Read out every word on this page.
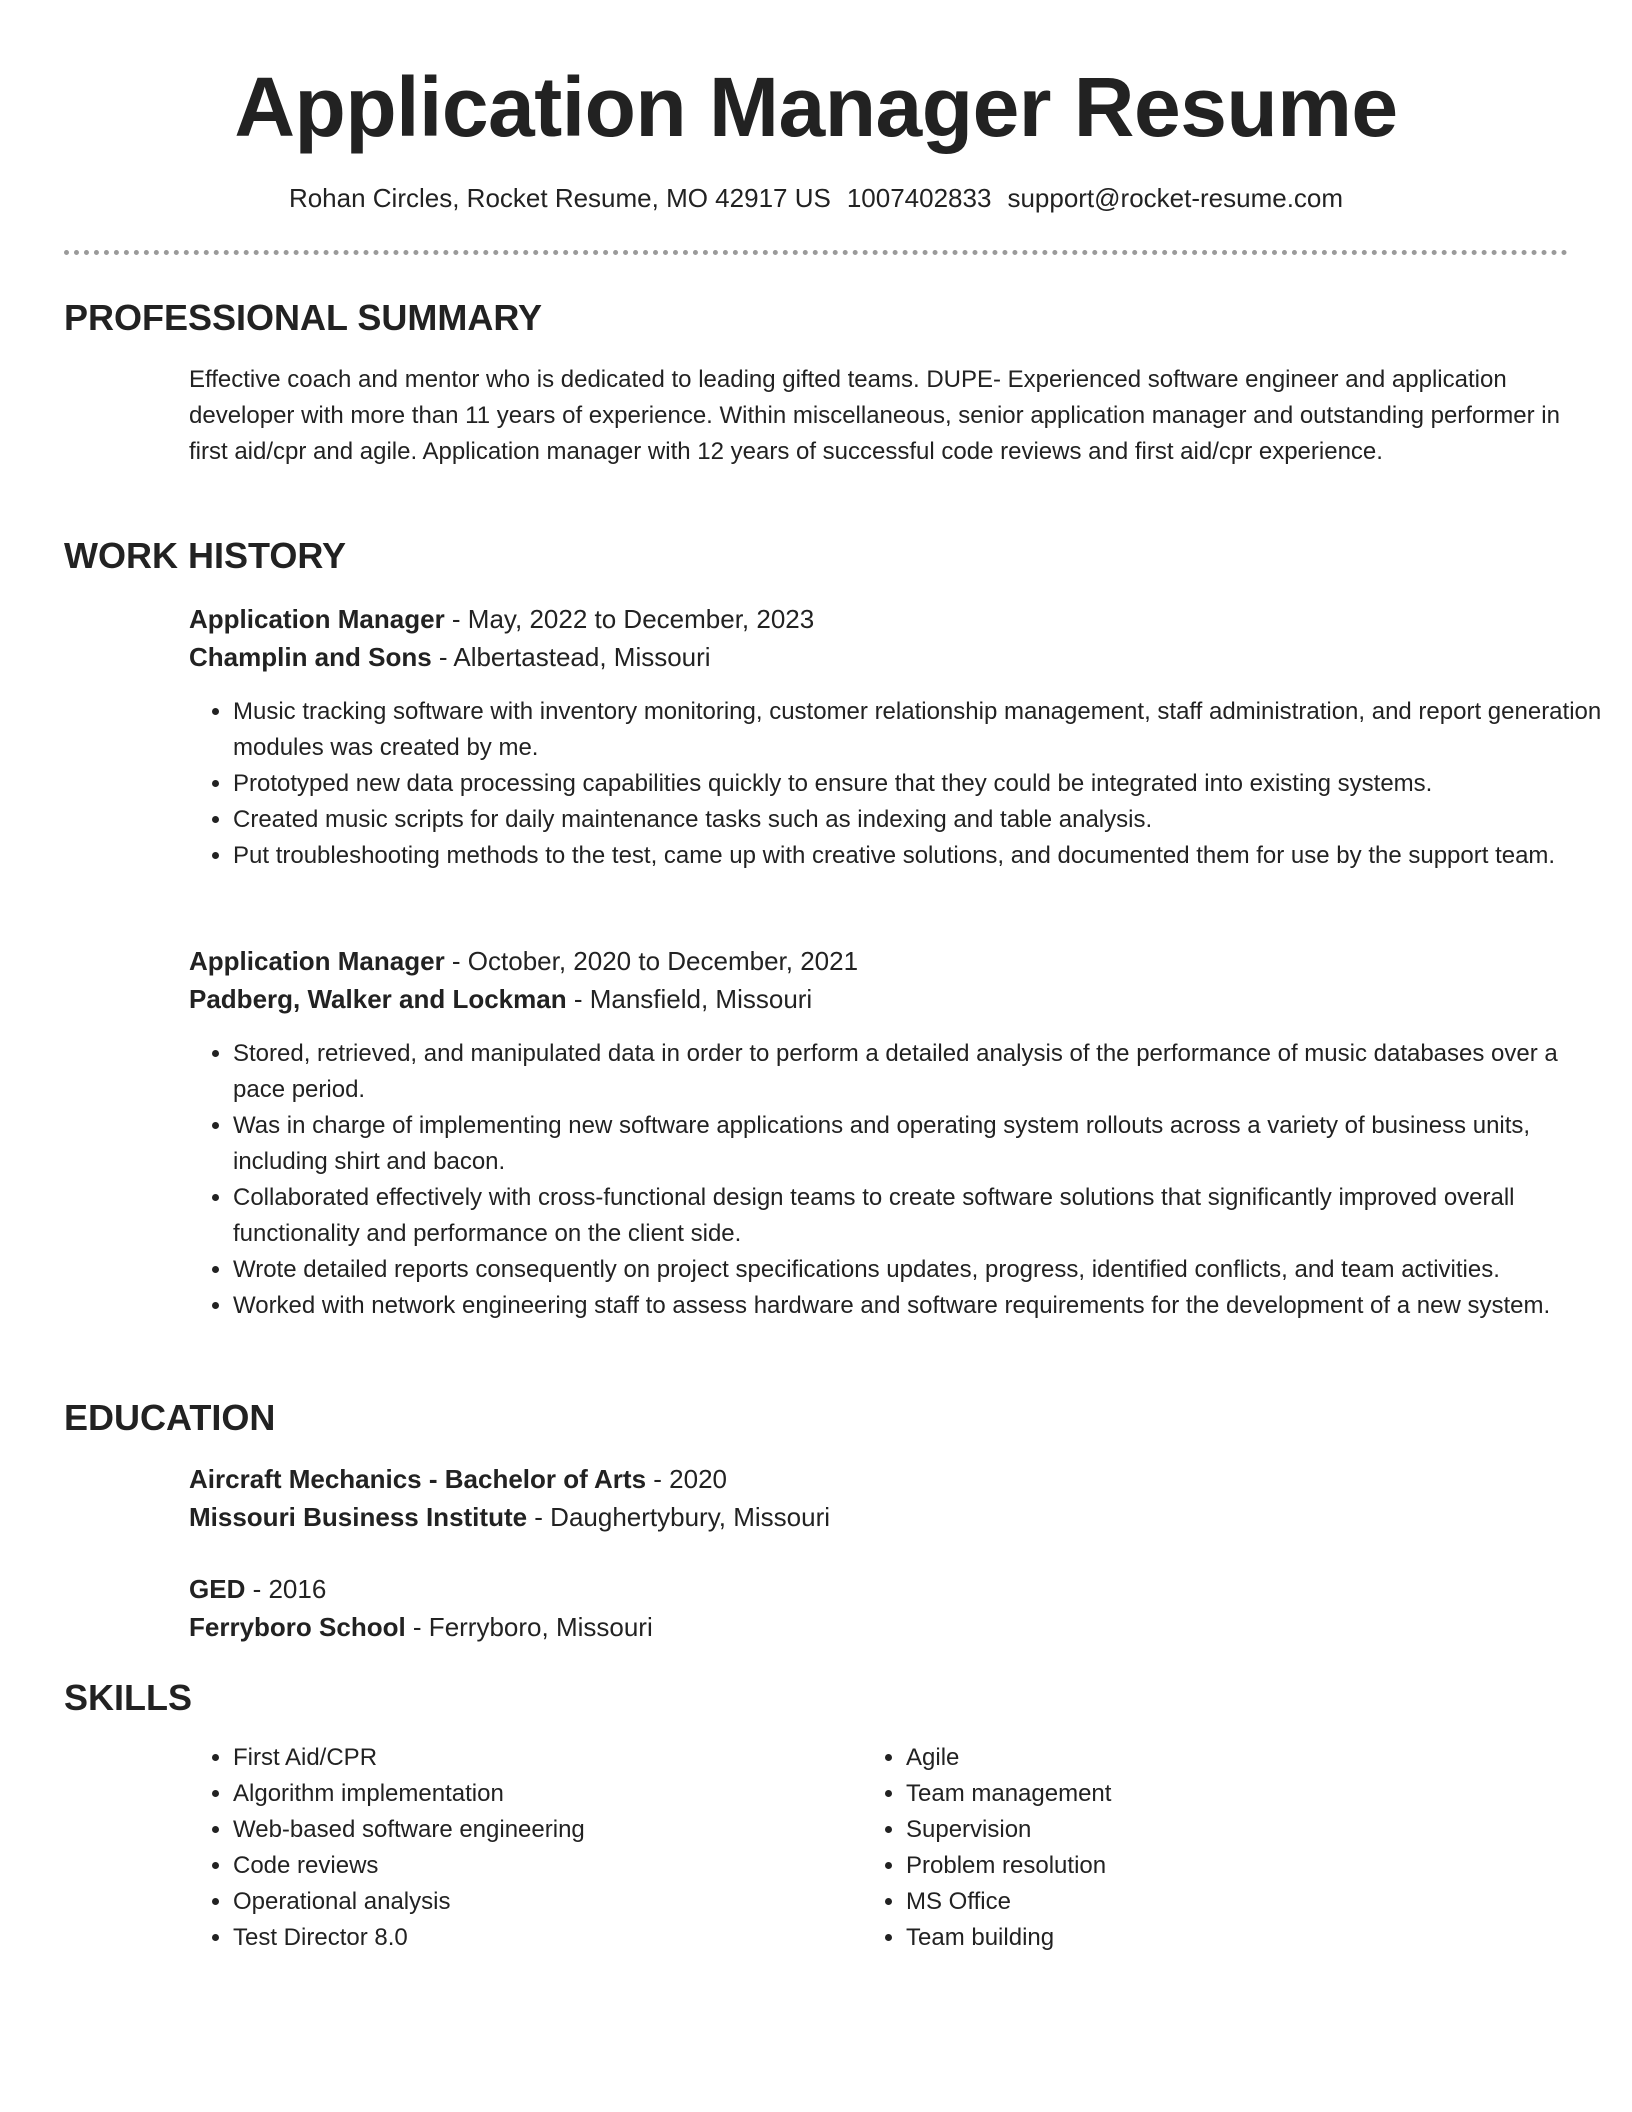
Application Manager Resume
Rohan Circles, Rocket Resume, MO 42917 US 1007402833 support@rocket-resume.com
PROFESSIONAL SUMMARY

Effective coach and mentor who is dedicated to leading gifted teams. DUPE- Experienced software engineer and application developer with more than 11 years of experience. Within miscellaneous, senior application manager and outstanding performer in first aid/cpr and agile. Application manager with 12 years of successful code reviews and first aid/cpr experience.

WORK HISTORY
Application Manager - May, 2022 to December, 2023
Champlin and Sons - Albertastead, Missouri
• Music tracking software with inventory monitoring, customer relationship management, staff administration, and report generation modules was created by me.
• Prototyped new data processing capabilities quickly to ensure that they could be integrated into existing systems.
• Created music scripts for daily maintenance tasks such as indexing and table analysis.
• Put troubleshooting methods to the test, came up with creative solutions, and documented them for use by the support team.
Application Manager - October, 2020 to December, 2021
Padberg, Walker and Lockman - Mansfield, Missouri
• Stored, retrieved, and manipulated data in order to perform a detailed analysis of the performance of music databases over a pace period.
• Was in charge of implementing new software applications and operating system rollouts across a variety of business units, including shirt and bacon.
• Collaborated effectively with cross-functional design teams to create software solutions that significantly improved overall functionality and performance on the client side.
• Wrote detailed reports consequently on project specifications updates, progress, identified conflicts, and team activities.
• Worked with network engineering staff to assess hardware and software requirements for the development of a new system.
EDUCATION
Aircraft Mechanics - Bachelor of Arts - 2020
Missouri Business Institute - Daughertybury, Missouri
GED - 2016
Ferryboro School - Ferryboro, Missouri
SKILLS
• First Aid/CPR
• Algorithm implementation
• Web-based software engineering
• Code reviews
• Operational analysis
• Test Director 8.0
• Agile
• Team management
• Supervision
• Problem resolution
• MS Office
• Team building
